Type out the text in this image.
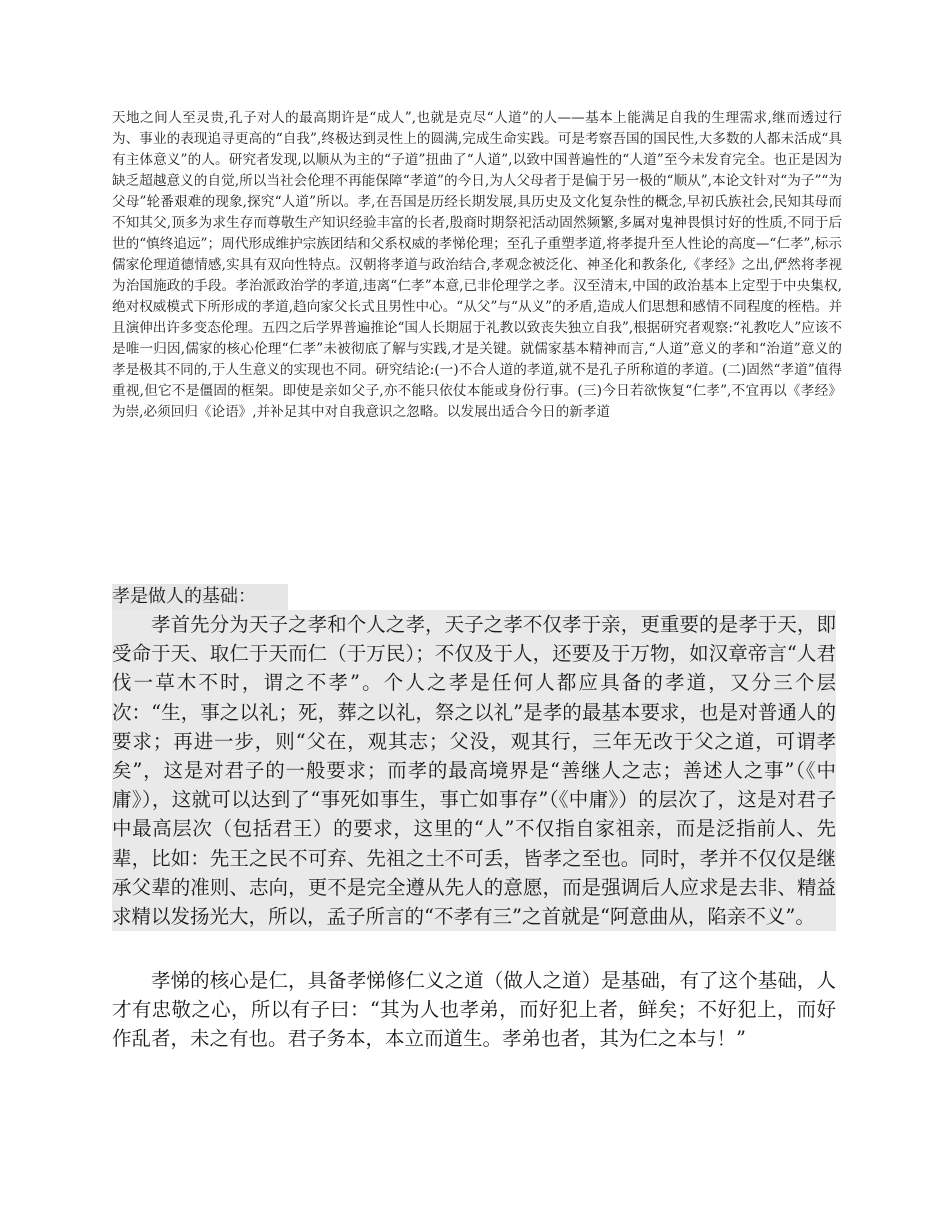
天地之间人至灵贵,孔子对人的最高期许是“成人”,也就是克尽“人道”的人——基本上能满足自我的生理需求,继而透过行为、事业的表现追寻更高的“自我”,终极达到灵性上的圆满,完成生命实践。可是考察吾国的国民性,大多数的人都未活成“具有主体意义”的人。研究者发现,以顺从为主的“子道”扭曲了“人道”,以致中国普遍性的“人道”至今未发育完全。也正是因为缺乏超越意义的自觉,所以当社会伦理不再能保障“孝道”的今日,为人父母者于是偏于另一极的“顺从”,本论文针对“为子”“为父母”轮番艰难的现象,探究“人道”所以。孝,在吾国是历经长期发展,具历史及文化复杂性的概念,早初氏族社会,民知其母而不知其父,顶多为求生存而尊敬生产知识经验丰富的长者,殷商时期祭祀活动固然频繁,多属对鬼神畏惧讨好的性质,不同于后世的“慎终追远”；周代形成维护宗族团结和父系权威的孝悌伦理；至孔子重塑孝道,将孝提升至人性论的高度—“仁孝”,标示儒家伦理道德情感,实具有双向性特点。汉朝将孝道与政治结合,孝观念被泛化、神圣化和教条化,《孝经》之出,俨然将孝视为治国施政的手段。孝治派政治学的孝道,违离“仁孝”本意,已非伦理学之孝。汉至清末,中国的政治基本上定型于中央集权,绝对权威模式下所形成的孝道,趋向家父长式且男性中心。“从父”与“从义”的矛盾,造成人们思想和感情不同程度的桎梏。并且演伸出许多变态伦理。五四之后学界普遍推论“国人长期屈于礼教以致丧失独立自我”,根据研究者观察:“礼教吃人”应该不是唯一归因,儒家的核心伦理“仁孝”未被彻底了解与实践,才是关键。就儒家基本精神而言,“人道”意义的孝和“治道”意义的孝是极其不同的,于人生意义的实现也不同。研究结论:(一)不合人道的孝道,就不是孔子所称道的孝道。(二)固然“孝道”值得重视,但它不是僵固的框架。即使是亲如父子,亦不能只依仗本能或身份行事。(三)今日若欲恢复“仁孝”,不宜再以《孝经》为崇,必须回归《论语》,并补足其中对自我意识之忽略。以发展出适合今日的新孝道

孝是做人的基础：

孝首先分为天子之孝和个人之孝，天子之孝不仅孝于亲，更重要的是孝于天，即受命于天、取仁于天而仁（于万民）；不仅及于人，还要及于万物，如汉章帝言“人君伐一草木不时，谓之不孝”。个人之孝是任何人都应具备的孝道，又分三个层次：“生，事之以礼；死，葬之以礼，祭之以礼”是孝的最基本要求，也是对普通人的要求；再进一步，则“父在，观其志；父没，观其行，三年无改于父之道，可谓孝矣”，这是对君子的一般要求；而孝的最高境界是“善继人之志；善述人之事”（《中庸》），这就可以达到了“事死如事生，事亡如事存”（《中庸》）的层次了，这是对君子中最高层次（包括君王）的要求，这里的“人”不仅指自家祖亲，而是泛指前人、先辈，比如：先王之民不可弃、先祖之土不可丢，皆孝之至也。同时，孝并不仅仅是继承父辈的准则、志向，更不是完全遵从先人的意愿，而是强调后人应求是去非、精益求精以发扬光大，所以，孟子所言的“不孝有三”之首就是“阿意曲从，陷亲不义”。

孝悌的核心是仁，具备孝悌修仁义之道（做人之道）是基础，有了这个基础，人才有忠敬之心，所以有子曰：“其为人也孝弟，而好犯上者，鲜矣；不好犯上，而好作乱者，未之有也。君子务本，本立而道生。孝弟也者，其为仁之本与！”
